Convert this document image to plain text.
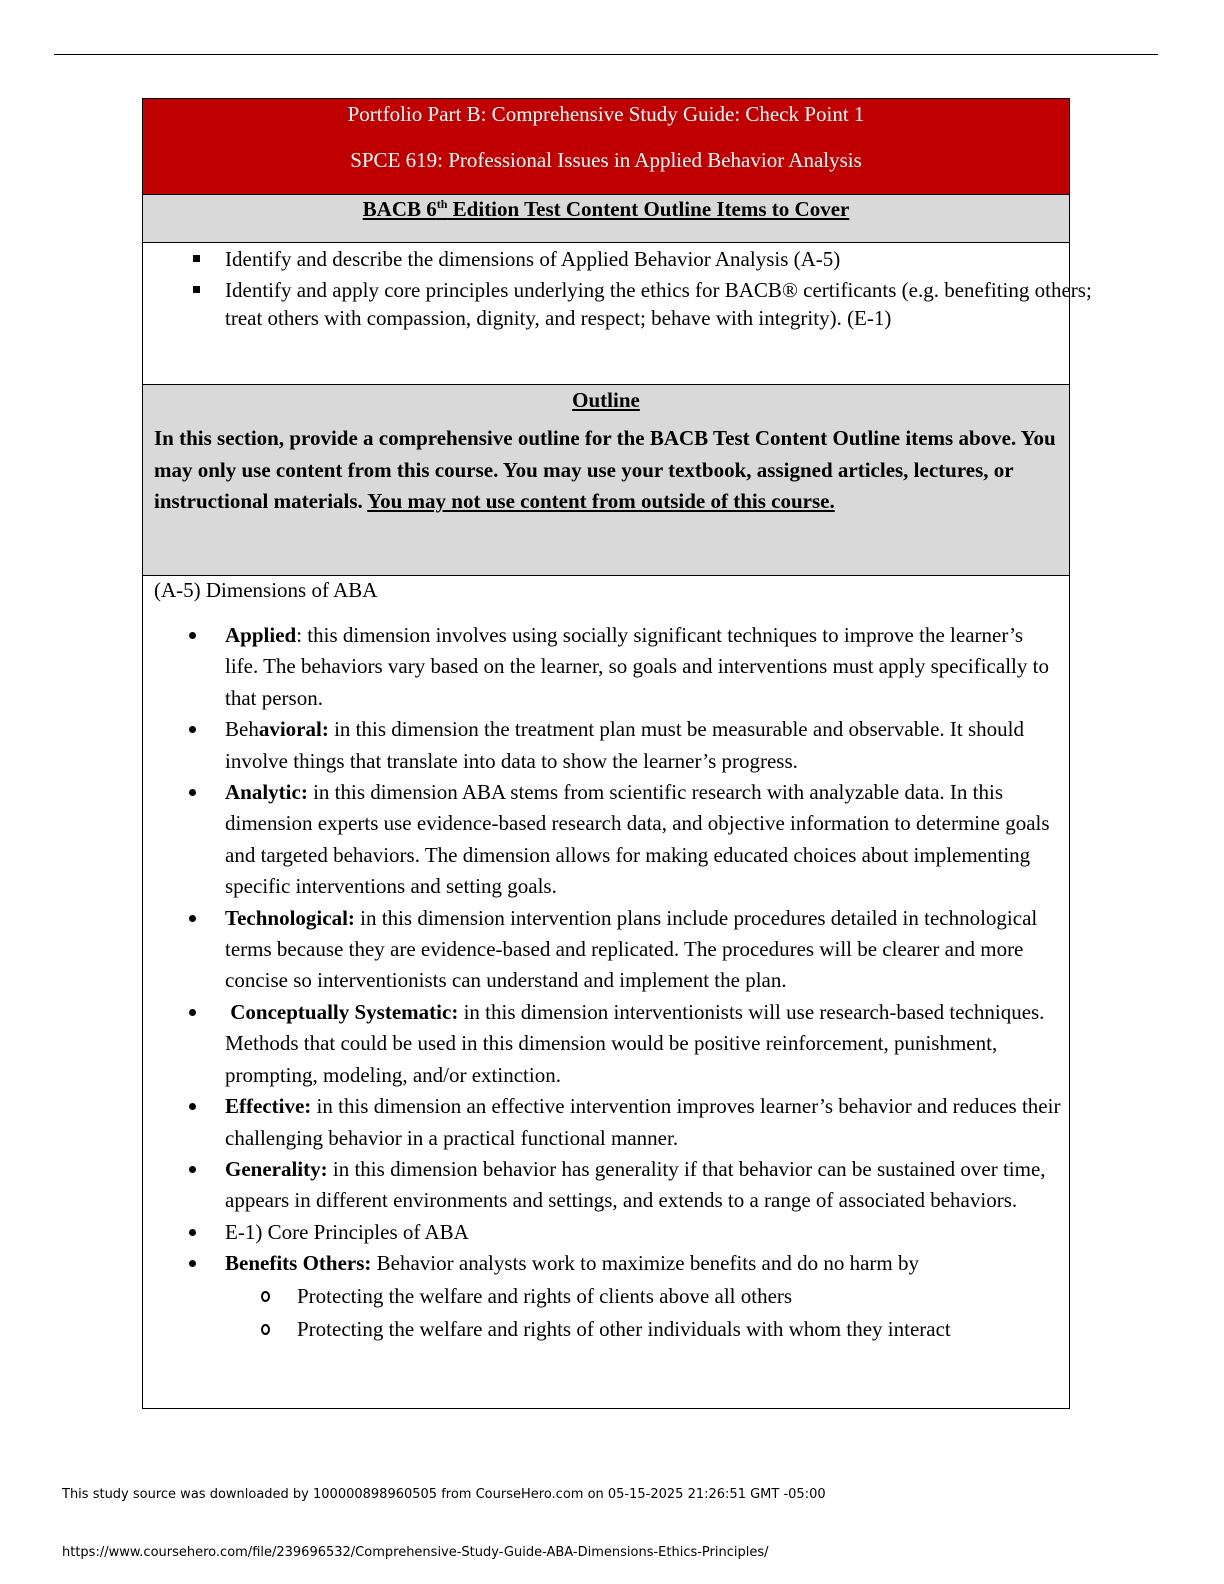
Portfolio Part B: Comprehensive Study Guide: Check Point 1

SPCE 619: Professional Issues in Applied Behavior Analysis

BACB 6th Edition Test Content Outline Items to Cover
Identify and describe the dimensions of Applied Behavior Analysis (A-5)
Identify and apply core principles underlying the ethics for BACB® certificants (e.g. benefiting others; treat others with compassion, dignity, and respect; behave with integrity). (E-1)

Outline

In this section, provide a comprehensive outline for the BACB Test Content Outline items above. You may only use content from this course. You may use your textbook, assigned articles, lectures, or instructional materials. You may not use content from outside of this course.

(A-5) Dimensions of ABA

Applied: this dimension involves using socially significant techniques to improve the learner’s life. The behaviors vary based on the learner, so goals and interventions must apply specifically to that person.
Behavioral: in this dimension the treatment plan must be measurable and observable. It should involve things that translate into data to show the learner’s progress.
Analytic: in this dimension ABA stems from scientific research with analyzable data. In this dimension experts use evidence-based research data, and objective information to determine goals and targeted behaviors. The dimension allows for making educated choices about implementing specific interventions and setting goals.
Technological: in this dimension intervention plans include procedures detailed in technological terms because they are evidence-based and replicated. The procedures will be clearer and more concise so interventionists can understand and implement the plan.
Conceptually Systematic: in this dimension interventionists will use research-based techniques. Methods that could be used in this dimension would be positive reinforcement, punishment, prompting, modeling, and/or extinction.
Effective: in this dimension an effective intervention improves learner’s behavior and reduces their challenging behavior in a practical functional manner.
Generality: in this dimension behavior has generality if that behavior can be sustained over time, appears in different environments and settings, and extends to a range of associated behaviors.
E-1) Core Principles of ABA
Benefits Others: Behavior analysts work to maximize benefits and do no harm by
Protecting the welfare and rights of clients above all others
Protecting the welfare and rights of other individuals with whom they interact
This study source was downloaded by 100000898960505 from CourseHero.com on 05-15-2025 21:26:51 GMT -05:00
https://www.coursehero.com/file/239696532/Comprehensive-Study-Guide-ABA-Dimensions-Ethics-Principles/
